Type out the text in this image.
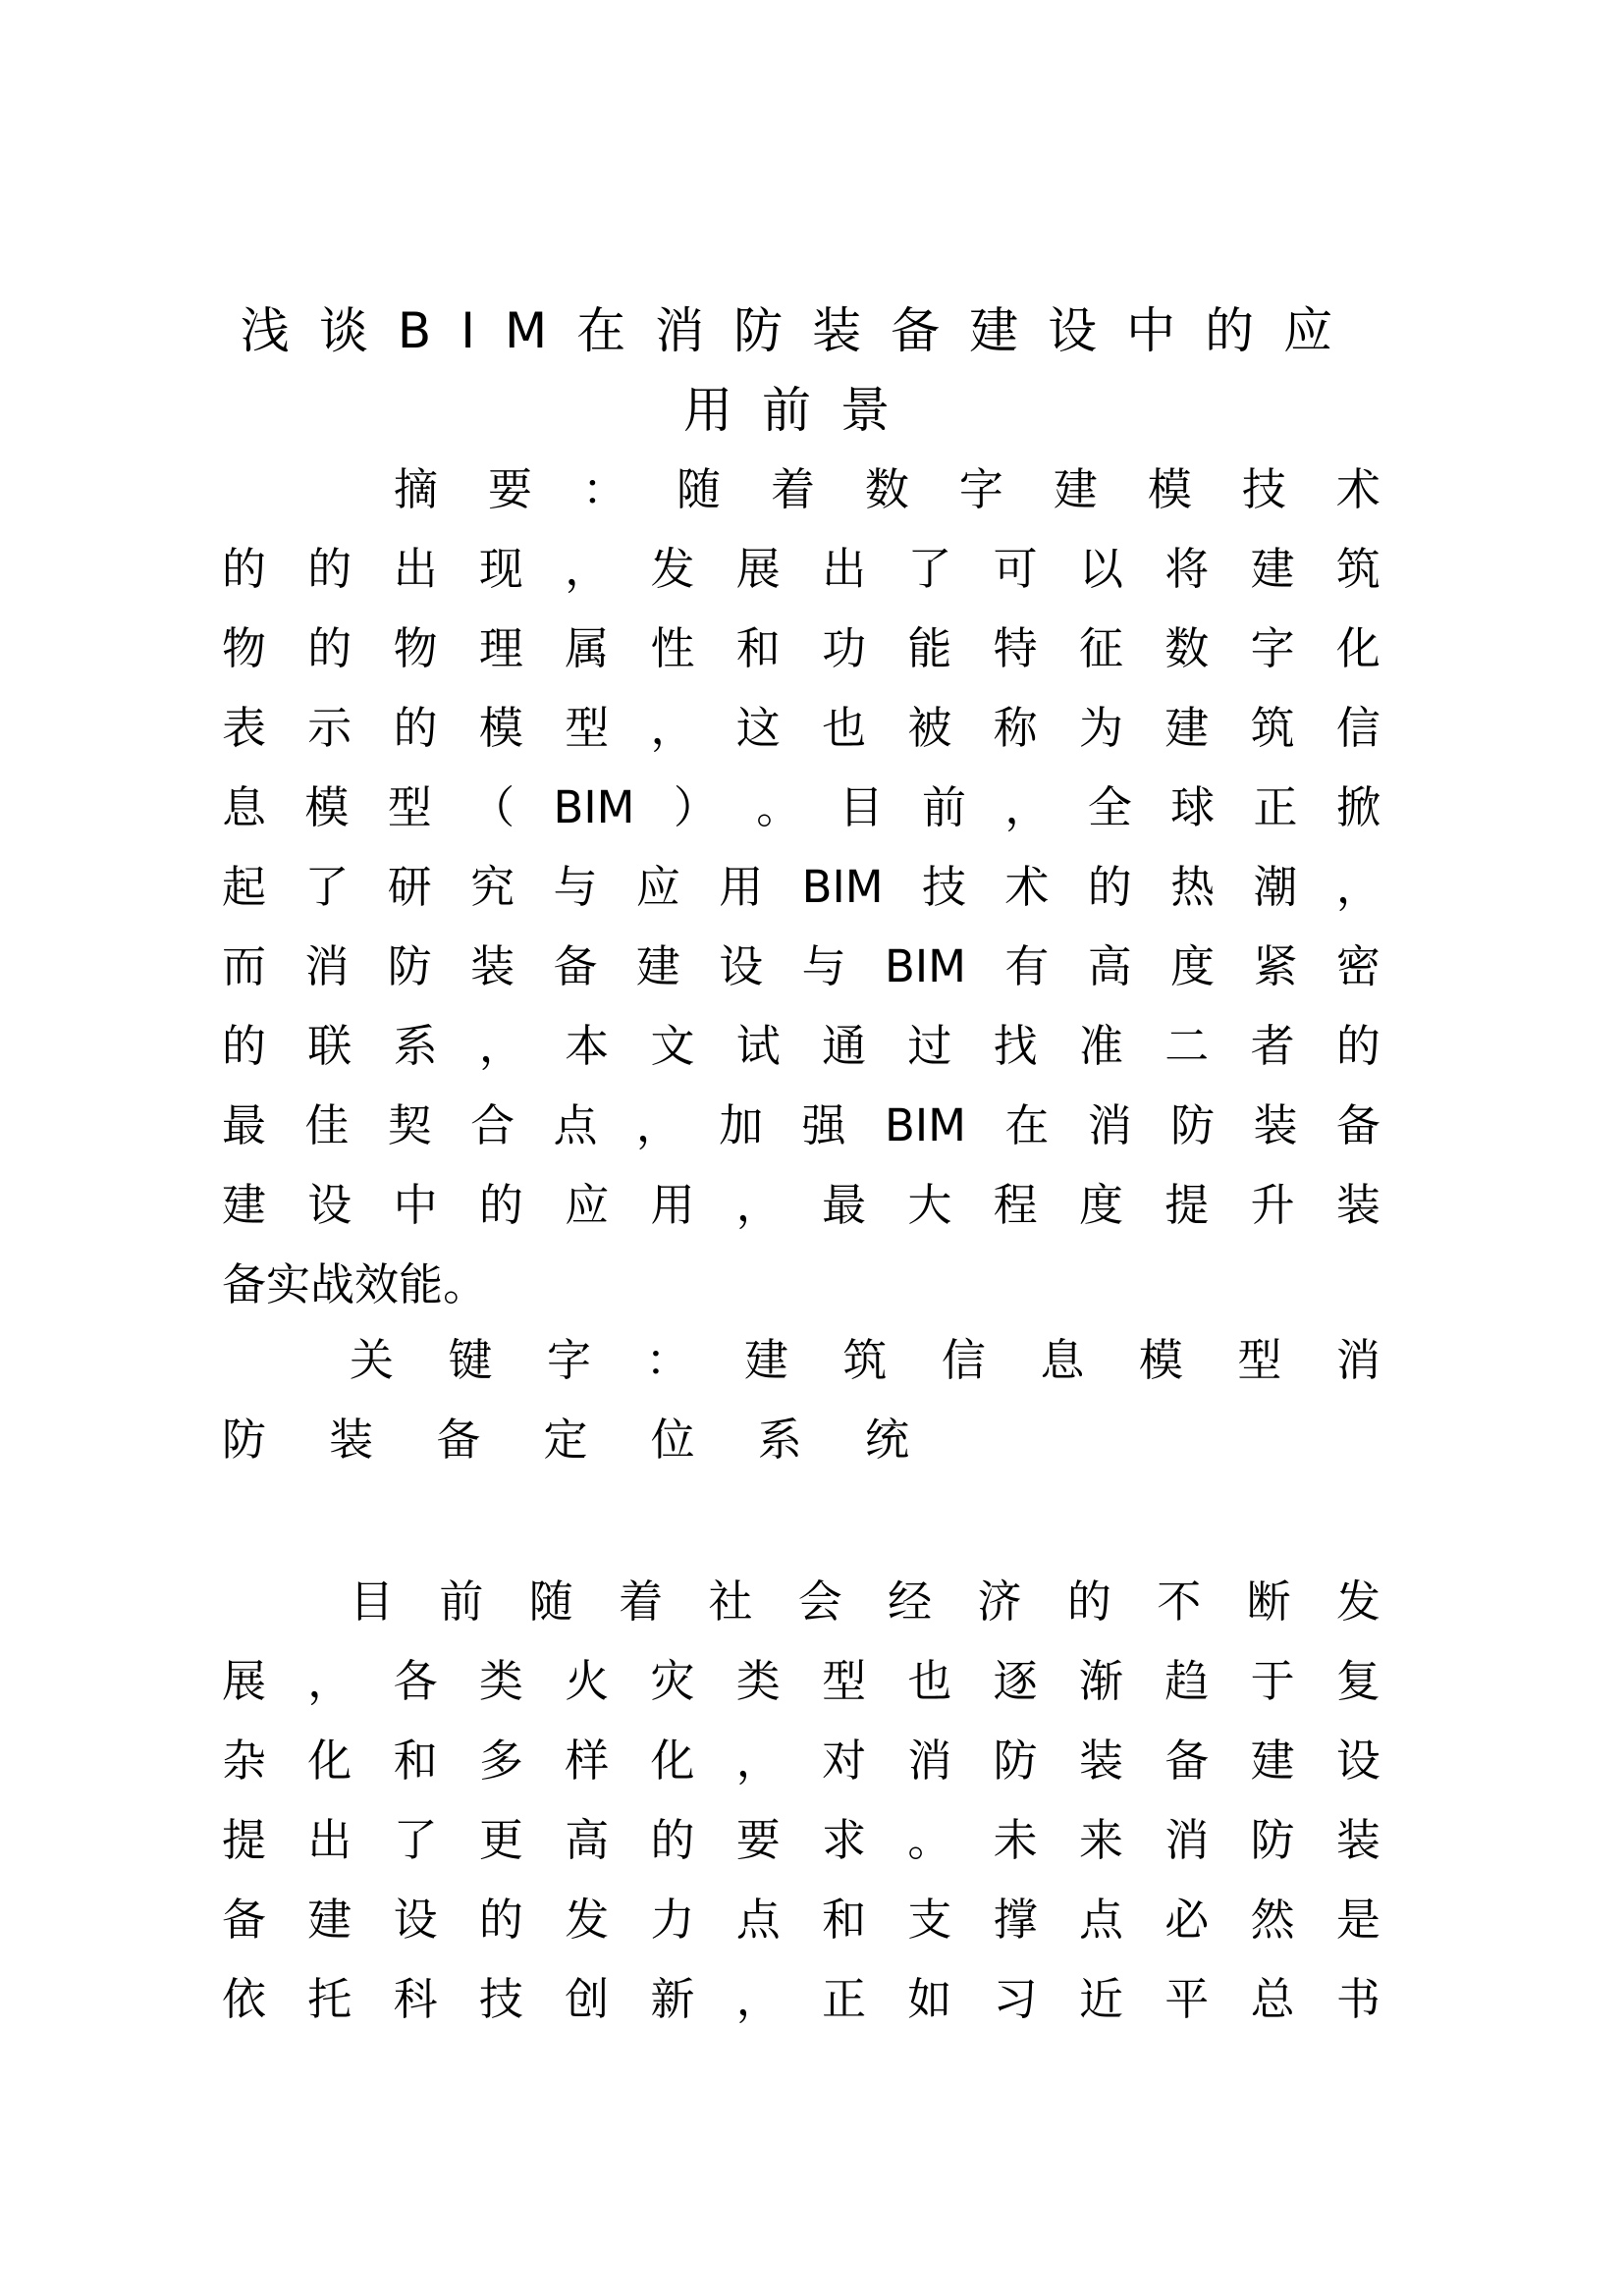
浅谈BIM在消防装备建设中的应
用前景
摘 要 ： 随 着 数 字 建 模 技 术
的 的 出 现 ， 发 展 出 了 可 以 将 建 筑
物 的 物 理 属 性 和 功 能 特 征 数 字 化
表 示 的 模 型 ， 这 也 被 称 为 建 筑 信
息 模 型 （ BIM ） 。 目 前 ， 全 球 正 掀
起 了 研 究 与 应 用 BIM 技 术 的 热 潮 ，
而 消 防 装 备 建 设 与 BIM 有 高 度 紧 密
的 联 系 ， 本 文 试 通 过 找 准 二 者 的
最 佳 契 合 点 ， 加 强 BIM 在 消 防 装 备
建 设 中 的 应 用 ， 最 大 程 度 提 升 装
备 实 战 效 能 。
关 键 字 ： 建 筑 信 息 模 型 消
防 装 备 定 位 系 统
目 前 随 着 社 会 经 济 的 不 断 发
展 ， 各 类 火 灾 类 型 也 逐 渐 趋 于 复
杂 化 和 多 样 化 ， 对 消 防 装 备 建 设
提 出 了 更 高 的 要 求 。 未 来 消 防 装
备 建 设 的 发 力 点 和 支 撑 点 必 然 是
依 托 科 技 创 新 ， 正 如 习 近 平 总 书
